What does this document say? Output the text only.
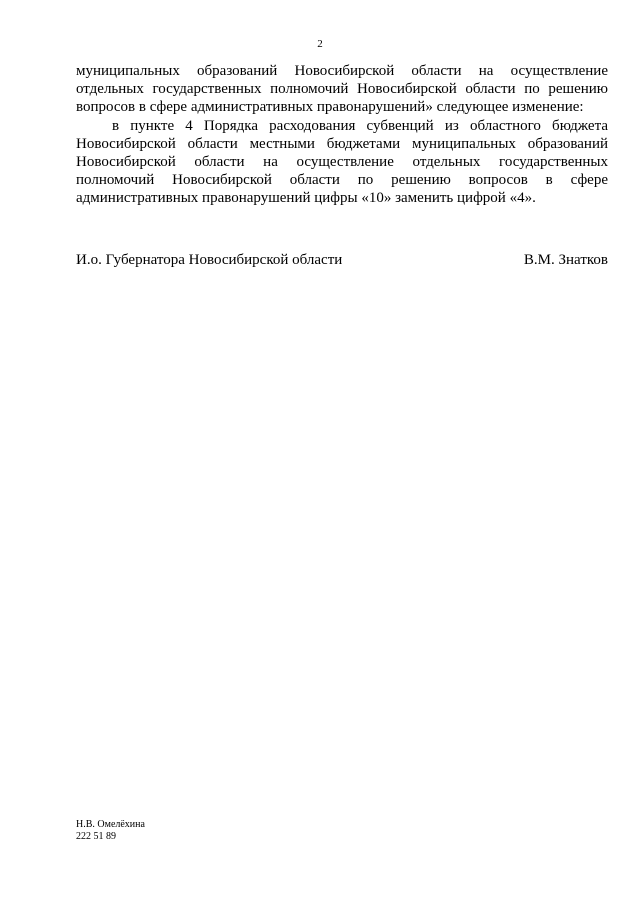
2

муниципальных образований Новосибирской области на осуществление отдельных государственных полномочий Новосибирской области по решению вопросов в сфере административных правонарушений» следующее изменение:

в пункте 4 Порядка расходования субвенций из областного бюджета Новосибирской области местными бюджетами муниципальных образований Новосибирской области на осуществление отдельных государственных полномочий Новосибирской области по решению вопросов в сфере административных правонарушений цифры «10» заменить цифрой «4».

И.о. Губернатора Новосибирской области	В.М. Знатков
Н.В. Омелёхина
222 51 89
